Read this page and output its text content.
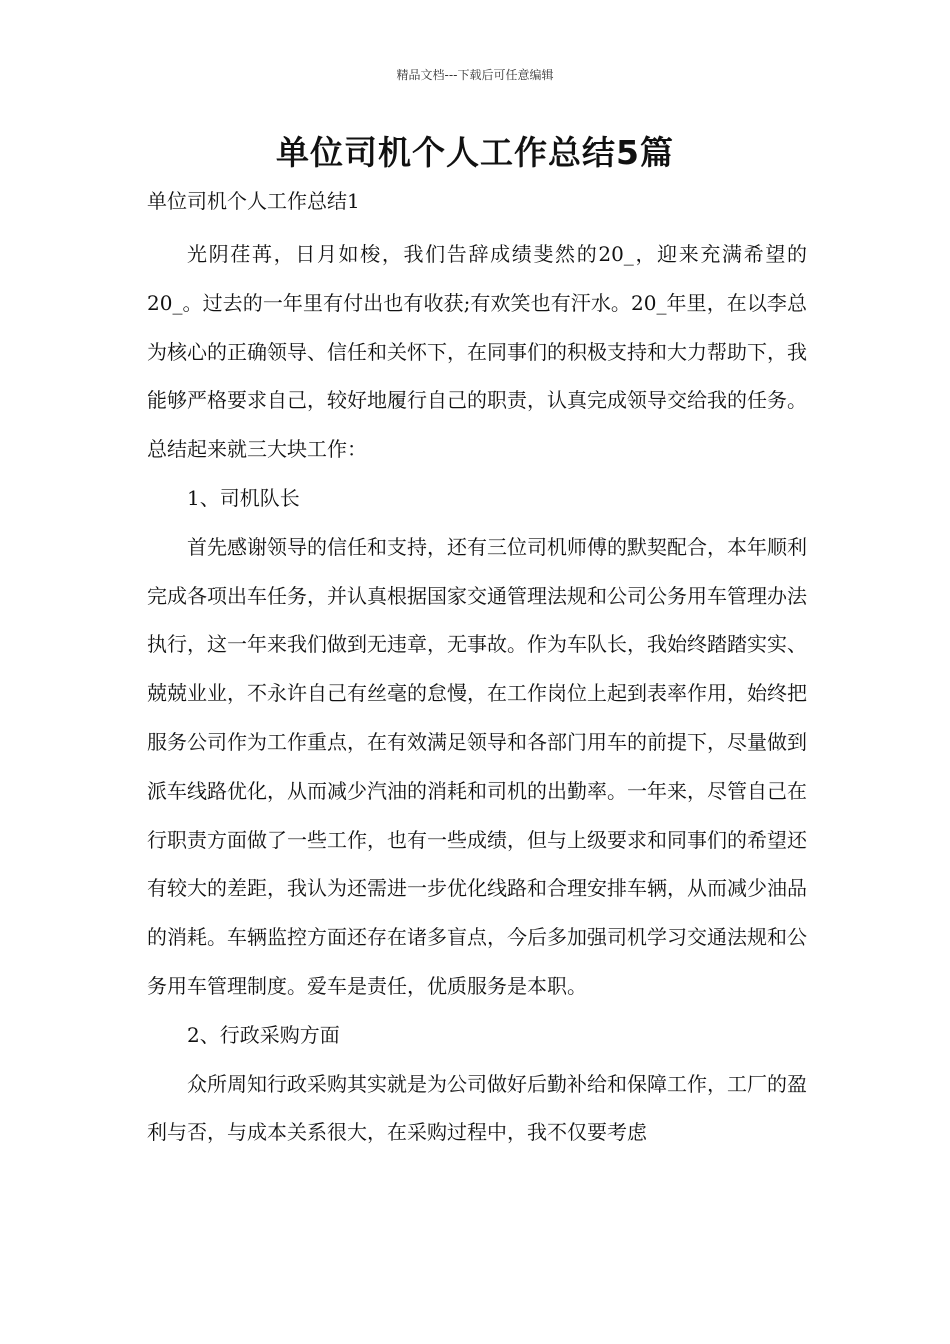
精品文档---下载后可任意编辑
单位司机个人工作总结5篇
单位司机个人工作总结1

光阴荏苒，日月如梭，我们告辞成绩斐然的20_，迎来充满希望的20_。过去的一年里有付出也有收获;有欢笑也有汗水。20_年里，在以李总为核心的正确领导、信任和关怀下，在同事们的积极支持和大力帮助下，我能够严格要求自己，较好地履行自己的职责，认真完成领导交给我的任务。总结起来就三大块工作：

1、司机队长

首先感谢领导的信任和支持，还有三位司机师傅的默契配合，本年顺利完成各项出车任务，并认真根据国家交通管理法规和公司公务用车管理办法执行，这一年来我们做到无违章，无事故。作为车队长，我始终踏踏实实、兢兢业业，不永许自己有丝毫的怠慢，在工作岗位上起到表率作用，始终把服务公司作为工作重点，在有效满足领导和各部门用车的前提下，尽量做到派车线路优化，从而减少汽油的消耗和司机的出勤率。一年来，尽管自己在行职责方面做了一些工作，也有一些成绩，但与上级要求和同事们的希望还有较大的差距，我认为还需进一步优化线路和合理安排车辆，从而减少油品的消耗。车辆监控方面还存在诸多盲点，今后多加强司机学习交通法规和公务用车管理制度。爱车是责任，优质服务是本职。

2、行政采购方面

众所周知行政采购其实就是为公司做好后勤补给和保障工作，工厂的盈利与否，与成本关系很大，在采购过程中，我不仅要考虑
